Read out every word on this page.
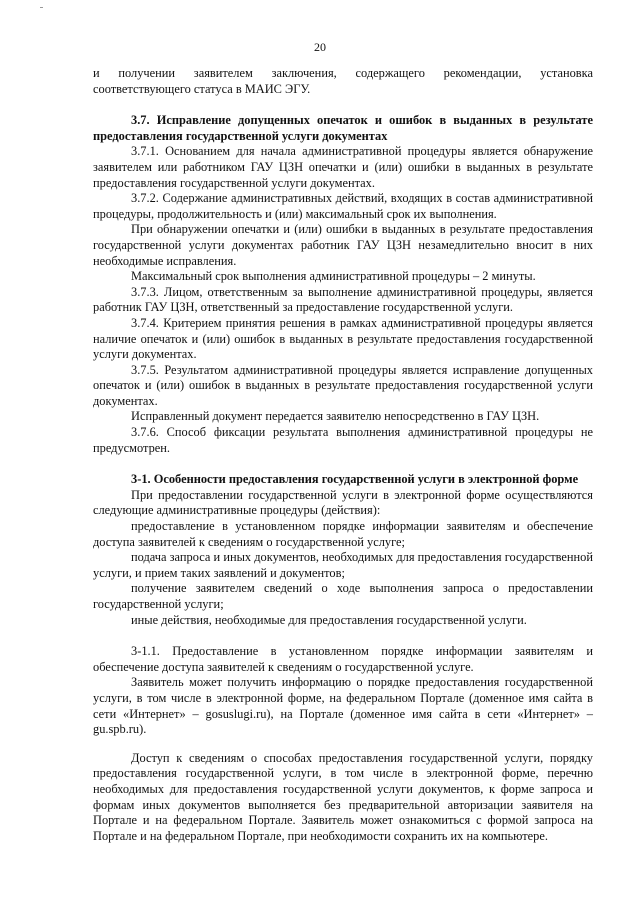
20

и получении заявителем заключения, содержащего рекомендации, установка соответствующего статуса в МАИС ЭГУ.

3.7. Исправление допущенных опечаток и ошибок в выданных в результате предоставления государственной услуги документах

3.7.1. Основанием для начала административной процедуры является обнаружение заявителем или работником ГАУ ЦЗН опечатки и (или) ошибки в выданных в результате предоставления государственной услуги документах.

3.7.2. Содержание административных действий, входящих в состав административной процедуры, продолжительность и (или) максимальный срок их выполнения.

При обнаружении опечатки и (или) ошибки в выданных в результате предоставления государственной услуги документах работник ГАУ ЦЗН незамедлительно вносит в них необходимые исправления.

Максимальный срок выполнения административной процедуры – 2 минуты.

3.7.3. Лицом, ответственным за выполнение административной процедуры, является работник ГАУ ЦЗН, ответственный за предоставление государственной услуги.

3.7.4. Критерием принятия решения в рамках административной процедуры является наличие опечаток и (или) ошибок в выданных в результате предоставления государственной услуги документах.

3.7.5. Результатом административной процедуры является исправление допущенных опечаток и (или) ошибок в выданных в результате предоставления государственной услуги документах.

Исправленный документ передается заявителю непосредственно в ГАУ ЦЗН.

3.7.6. Способ фиксации результата выполнения административной процедуры не предусмотрен.

3-1. Особенности предоставления государственной услуги в электронной форме

При предоставлении государственной услуги в электронной форме осуществляются следующие административные процедуры (действия):

предоставление в установленном порядке информации заявителям и обеспечение доступа заявителей к сведениям о государственной услуге;

подача запроса и иных документов, необходимых для предоставления государственной услуги, и прием таких заявлений и документов;

получение заявителем сведений о ходе выполнения запроса о предоставлении государственной услуги;

иные действия, необходимые для предоставления государственной услуги.

3-1.1. Предоставление в установленном порядке информации заявителям и обеспечение доступа заявителей к сведениям о государственной услуге.

Заявитель может получить информацию о порядке предоставления государственной услуги, в том числе в электронной форме, на федеральном Портале (доменное имя сайта в сети «Интернет» – gosuslugi.ru), на Портале (доменное имя сайта в сети «Интернет» – gu.spb.ru).

Доступ к сведениям о способах предоставления государственной услуги, порядку предоставления государственной услуги, в том числе в электронной форме, перечню необходимых для предоставления государственной услуги документов, к форме запроса и формам иных документов выполняется без предварительной авторизации заявителя на Портале и на федеральном Портале. Заявитель может ознакомиться с формой запроса на Портале и на федеральном Портале, при необходимости сохранить их на компьютере.
